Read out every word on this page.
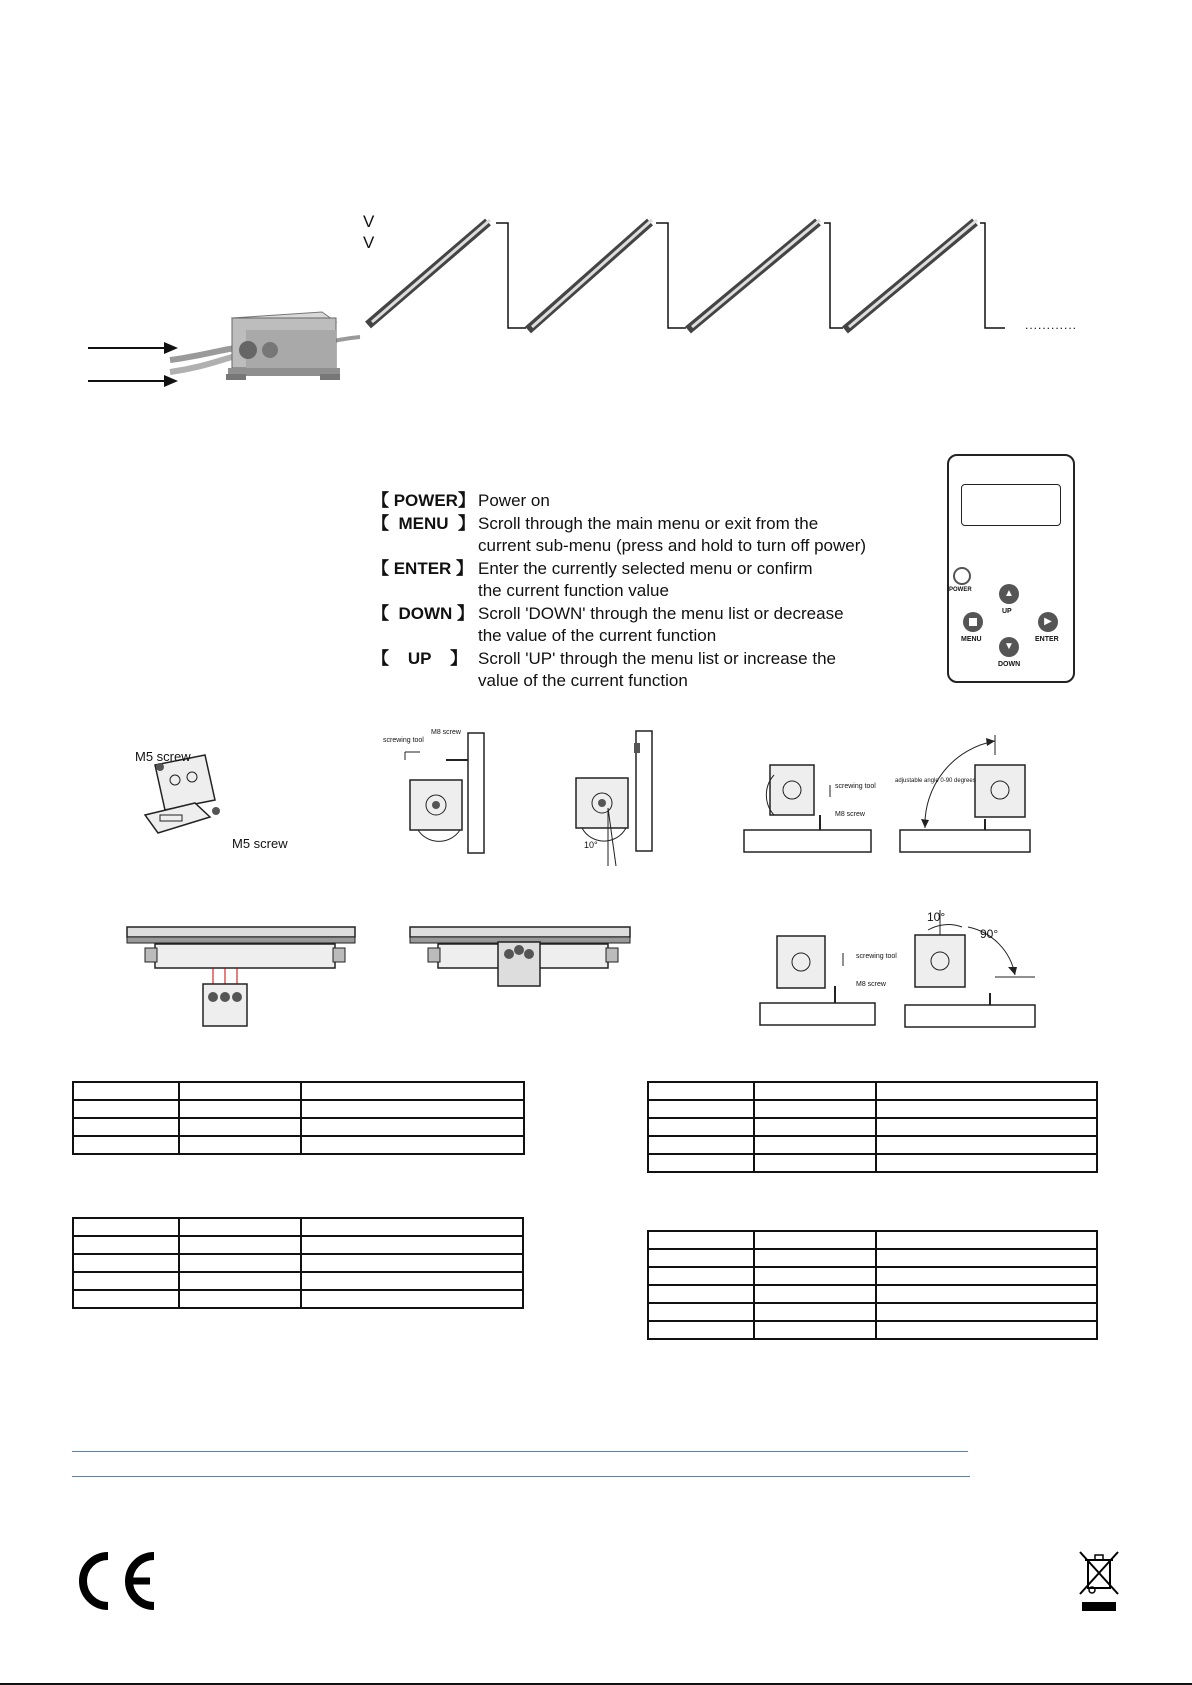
V
V
............
【 POWER】 Power on
【  MENU  】 Scroll through the main menu or exit from the
current sub-menu (press and hold to turn off power)
【 ENTER 】 Enter the currently selected menu or confirm
the current function value
【  DOWN 】 Scroll 'DOWN' through the menu list or decrease
the value of the current function
【    UP    】 Scroll 'UP' through the menu list or increase the
value of the current function
POWER	▲
UP
MENU
▶
ENTER
▼
DOWN
M5 screw
M5 screw
screwing tool
M8 screw
10°
screwing tool
M8 screw
adjustable angle 0-90 degrees
screwing tool
M8 screw
10°
90°
